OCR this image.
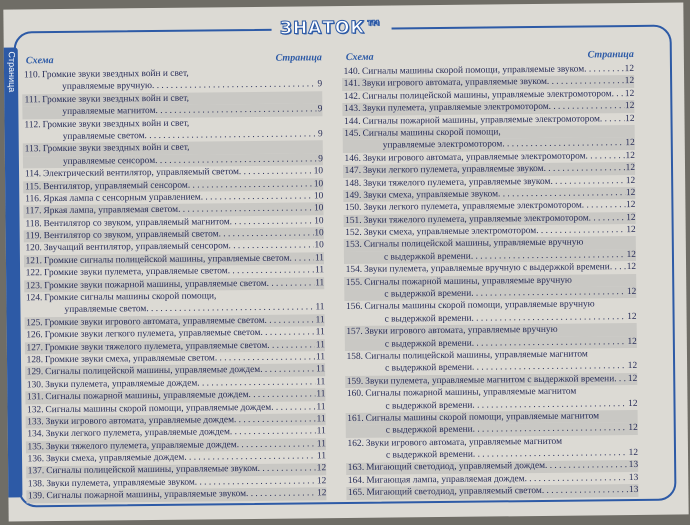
ЗНАТОК™
Страница Схема	Страница
110. Громкие звуки звездных войн и свет,
управляемые вручную . . .	9
111. Громкие звуки звездных войн и свет,
управляемые магнитом . . .	9
112. Громкие звуки звездных войн и свет,
управляемые светом . . .	9
113. Громкие звуки звездных войн и свет,
управляемые сенсором . . .	9
114. Электрический вентилятор, управляемый светом . . .	10
115. Вентилятор, управляемый сенсором . . .	10
116. Яркая лампа с сенсорным управлением . . .	10
117. Яркая лампа, управляемая светом . . .	10
118. Вентилятор со звуком, управляемый магнитом . . .	10
119. Вентилятор со звуком, управляемый светом . . .	10
120. Звучащий вентилятор, управляемый сенсором . . .	10
121. Громкие сигналы полицейской машины, управляемые светом . . .	11
122. Громкие звуки пулемета, управляемые светом . . .	11
123. Громкие звуки пожарной машины, управляемые светом . . .	11
124. Громкие сигналы машины скорой помощи,
управляемые светом . . .	11
125. Громкие звуки игрового автомата, управляемые светом . . .	11
126. Громкие звуки легкого пулемета, управляемые светом . . .	11
127. Громкие звуки тяжелого пулемета, управляемые светом . . .	11
128. Громкие звуки смеха, управляемые светом . . .	11
129. Сигналы полицейской машины, управляемые дождем . . .	11
130. Звуки пулемета, управляемые дождем . . .	11
131. Сигналы пожарной машины, управляемые дождем . . .	11
132. Сигналы машины скорой помощи, управляемые дождем . . .	11
133. Звуки игрового автомата, управляемые дождем . . .	11
134. Звуки легкого пулемета, управляемые дождем . . .	11
135. Звуки тяжелого пулемета, управляемые дождем . . .	11
136. Звуки смеха, управляемые дождем . . .	11
137. Сигналы полицейской машины, управляемые звуком . . .	12
138. Звуки пулемета, управляемые звуком . . .	12
139. Сигналы пожарной машины, управляемые звуком . . .	12
Схема	Страница
140. Сигналы машины скорой помощи, управляемые звуком . . .	12
141. Звуки игрового автомата, управляемые звуком . . .	12
142. Сигналы полицейской машины, управляемые электромотором . . . 12
143. Звуки пулемета, управляемые электромотором . . .	12
144. Сигналы пожарной машины, управляемые электромотором . . .	12
145. Сигналы машины скорой помощи,
управляемые электромотором . . .	12
146. Звуки игрового автомата, управляемые электромотором . . .	12
147. Звуки легкого пулемета, управляемые звуком . . .	12
148. Звуки тяжелого пулемета, управляемые звуком . . .	12
149. Звуки смеха, управляемые звуком . . .	12
150. Звуки легкого пулемета, управляемые электромотором . . .	12
151. Звуки тяжелого пулемета, управляемые электромотором . . .	12
152. Звуки смеха, управляемые электромотором . . .	12
153. Сигналы полицейской машины, управляемые вручную
с выдержкой времени . . .	12
154. Звуки пулемета, управляемые вручную с выдержкой времени . . . 12
155. Сигналы пожарной машины, управляемые вручную
с выдержкой времени . . .	12
156. Сигналы машины скорой помощи, управляемые вручную
с выдержкой времени . . .	12
157. Звуки игрового автомата, управляемые вручную
с выдержкой времени . . .	12
158. Сигналы полицейской машины, управляемые магнитом
с выдержкой времени . . .	12
159. Звуки пулемета, управляемые магнитом с выдержкой времени . . . 12
160. Сигналы пожарной машины, управляемые магнитом
с выдержкой времени . . .	12
161. Сигналы машины скорой помощи, управляемые магнитом
с выдержкой времени . . .	12
162. Звуки игрового автомата, управляемые магнитом
с выдержкой времени . . .	12
163. Мигающий светодиод, управляемый дождем . . .	13
164. Мигающая лампа, управляемая дождем . . .	13
165. Мигающий светодиод, управляемый светом . . .	13
